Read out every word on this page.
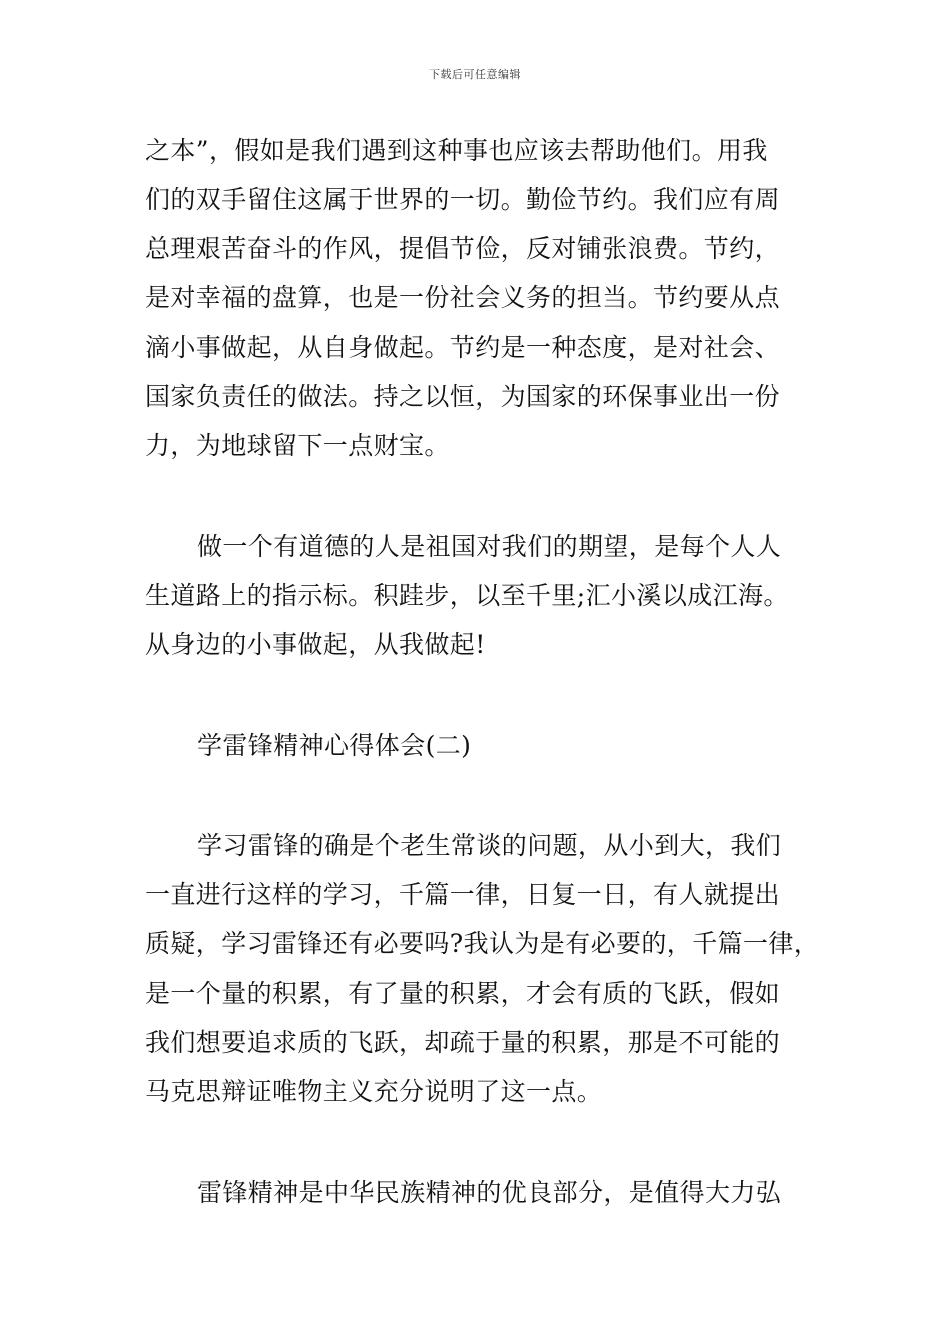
下载后可任意编辑
之本”，假如是我们遇到这种事也应该去帮助他们。用我
们的双手留住这属于世界的一切。勤俭节约。我们应有周
总理艰苦奋斗的作风，提倡节俭，反对铺张浪费。节约，
是对幸福的盘算，也是一份社会义务的担当。节约要从点
滴小事做起，从自身做起。节约是一种态度，是对社会、
国家负责任的做法。持之以恒，为国家的环保事业出一份
力，为地球留下一点财宝。
做一个有道德的人是祖国对我们的期望，是每个人人
生道路上的指示标。积跬步，以至千里;汇小溪以成江海。
从身边的小事做起，从我做起!
学雷锋精神心得体会(二)
学习雷锋的确是个老生常谈的问题，从小到大，我们
一直进行这样的学习，千篇一律，日复一日，有人就提出
质疑，学习雷锋还有必要吗?我认为是有必要的，千篇一律，
是一个量的积累，有了量的积累，才会有质的飞跃，假如
我们想要追求质的飞跃，却疏于量的积累，那是不可能的
马克思辩证唯物主义充分说明了这一点。
雷锋精神是中华民族精神的优良部分，是值得大力弘
